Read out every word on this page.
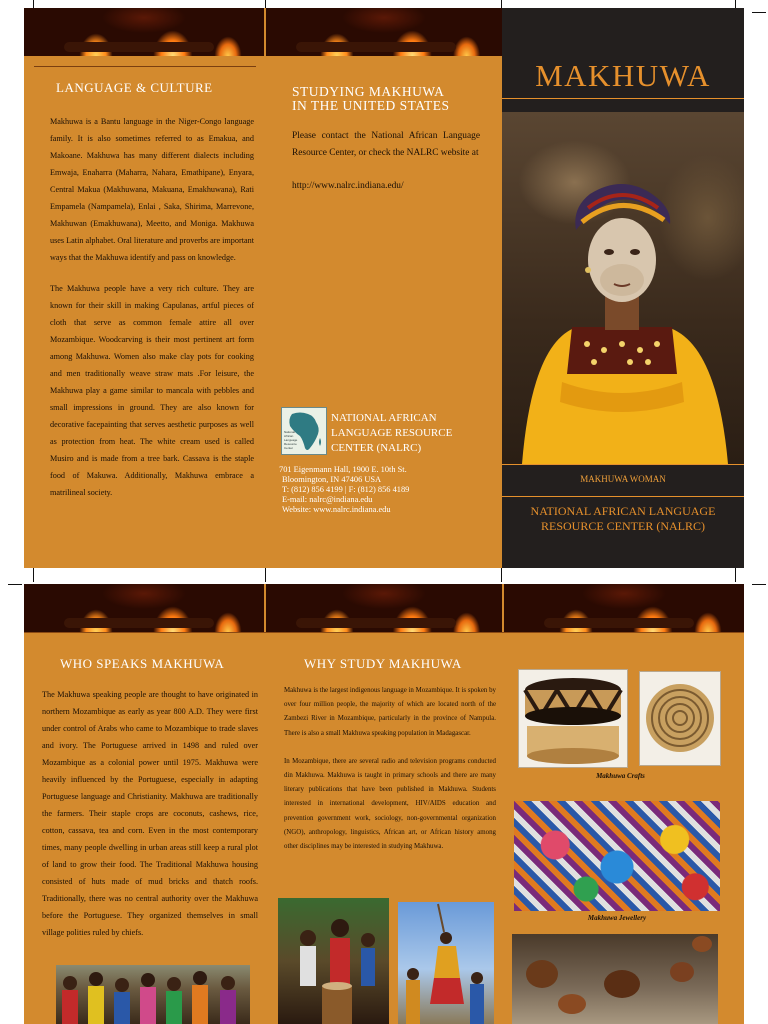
MAKHUWA
MAKHUWA WOMAN
NATIONAL AFRICAN LANGUAGE
RESOURCE CENTER (NALRC)
LANGUAGE & CULTURE

Makhuwa is a Bantu language in the Niger-Congo language family. It is also sometimes referred to as Emakua, and Makoane. Makhuwa has many different dialects including Emwaja, Enaharra (Maharra, Nahara, Emathipane), Enyara, Central Makua (Makhuwana, Makuana, Emakhuwana), Rati Empamela (Nampamela), Enlai , Saka, Shirima, Marrevone, Makhuwan (Emakhuwana), Meetto, and Moniga. Makhuwa uses Latin alphabet. Oral literature and proverbs are important ways that the Makhuwa identify and pass on knowledge.

The Makhuwa people have a very rich culture. They are known for their skill in making Capulanas, artful pieces of cloth that serve as common female attire all over Mozambique. Woodcarving is their most pertinent art form among Makhuwa. Women also make clay pots for cooking and men traditionally weave straw mats .For leisure, the Makhuwa play a game similar to mancala with pebbles and small impressions in ground. They are also known for decorative facepainting that serves aesthetic purposes as well as protection from heat. The white cream used is called Musiro and is made from a tree bark. Cassava is the staple food of Makuwa. Additionally, Makhuwa embrace a matrilineal society.

STUDYING MAKHUWA
IN THE UNITED STATES
Please contact the National African Language Resource Center, or check the NALRC website at
http://www.nalrc.indiana.edu/
National African Language Resource Center
NATIONAL AFRICAN
LANGUAGE RESOURCE
CENTER (NALRC)
701 Eigenmann Hall, 1900 E. 10th St.
Bloomington, IN 47406 USA
T: (812) 856 4199 | F: (812) 856 4189
E-mail: nalrc@indiana.edu
Website: www.nalrc.indiana.edu
WHO SPEAKS MAKHUWA
The Makhuwa speaking people are thought to have originated in northern Mozambique as early as year 800 A.D. They were first under control of Arabs who came to Mozambique to trade slaves and ivory. The Portuguese arrived in 1498 and ruled over Mozambique as a colonial power until 1975. Makhuwa were heavily influenced by the Portuguese, especially in adapting Portuguese language and Christianity. Makhuwa are traditionally the farmers. Their staple crops are coconuts, cashews, rice, cotton, cassava, tea and corn. Even in the most contemporary times, many people dwelling in urban areas still keep a rural plot of land to grow their food. The Traditional Makhuwa housing consisted of huts made of mud bricks and thatch roofs. Traditionally, there was no central authority over the Makhuwa before the Portuguese. They organized themselves in small village polities ruled by chiefs.
WHY STUDY MAKHUWA

Makhuwa is the largest indigenous language in Mozambique. It is spoken by over four million people, the majority of which are located north of the Zambezi River in Mozambique, particularly in the province of Nampula. There is also a small Makhuwa speaking population in Madagascar.

In Mozambique, there are several radio and television programs conducted din Makhuwa. Makhuwa is taught in primary schools and there are many literary publications that have been published in Makhuwa. Students interested in international development, HIV/AIDS education and prevention government work, sociology, non-governmental organization (NGO), anthropology, linguistics, African art, or African history among other disciplines may be interested in studying Makhuwa.

Makhuwa Crafts
Makhuwa Jewellery
